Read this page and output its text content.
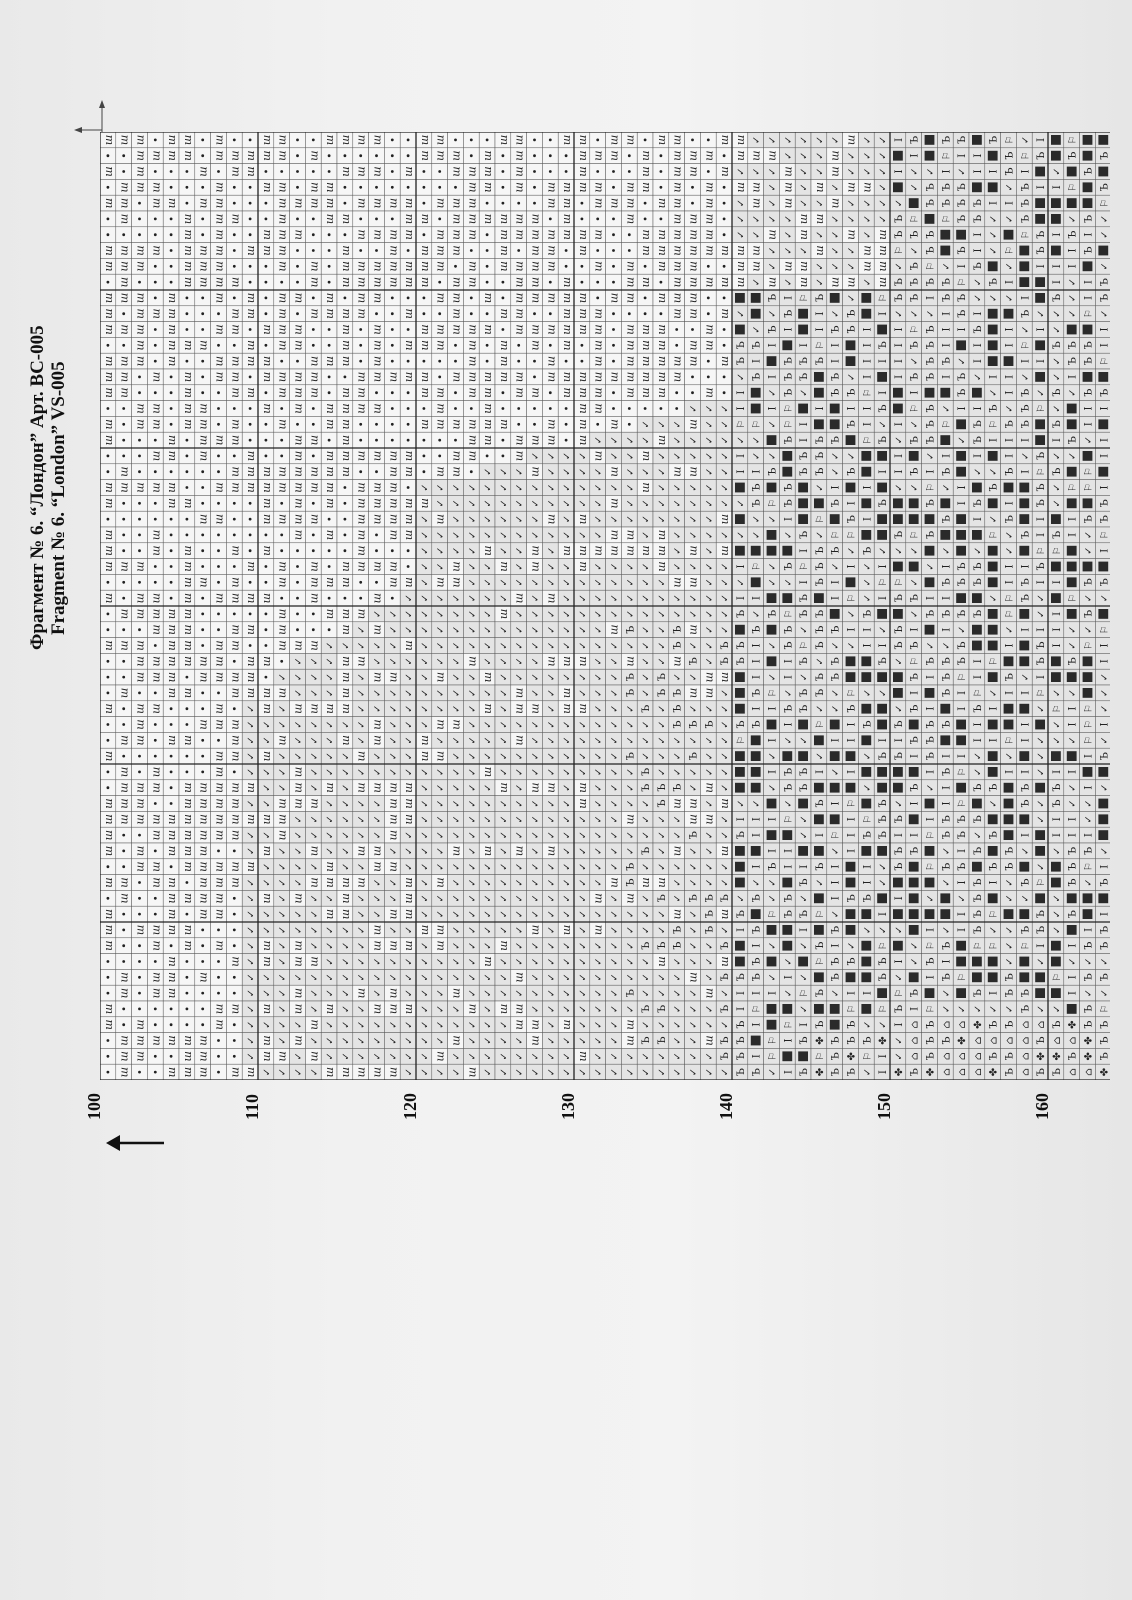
Фрагмент № 6. “Лондон” Арт. ВС-005 Fragment № 6. “London” VS-005
100	110	120	130	140	150	160
ш
ш
ш
ш
ш
ш
ш
ш
ш
ш
ш
ш
ш
ш
ш
ш
ш
ш
ш
ш
ш
ш
ш
ш
ш
ш
ш
ш
ш
ш
ш
ш
ш
ш
ш
ш
ш
ш
ш
ш
ш
ш
ш
ш
ш
ш
ш
ш
ш
ш
ш
ш
ш
ш
ш
ш
ш
ш
ш
ш
ш
ш
ш
ш
ш
ш
ш
ш
ш
ш
ш
ш
ш
ш
ш
ш
ш
ш
ш
ш
ш
ш
ш
ш
ш
ш
ш
ш
ш
ш
ш
ш
ш
ш
ш
ш
ш
ш
ш
ш
ш
ш
ш
ш
ш
ш
ш
ш
ш
ш
ш
ш
ш
ш
ш
ш
ш
ш
ш
ш
ш
ш
ш
ш
ш
ш
ш
ш
ш
ш
ш
ш
ш
ш
ш
ш
ш
ш
ш
ш
ш
ш
ш
ш
ш
ш
ш
ш
ш
ш
ш
ш
ш
ш
ш
ш
ш
ш
ш
ш
ш
ш
ш
ш
ш
ш
ш
ш
ш
ш
ш
ш
ш
ш
ш
ш
ш
ш
ш
ш
ш
ш
ш
ш
ш
ш
ш
ш
ш
ш
ш
ш
ш
ш
ш
ш
ш
ш
ш
ш
ш
ш
ш
ш
ш
ш
ш
ш
ш
ш
ш
ш
ш
ш
ш
ш
ш
ш
ш
ш
ш
ш
ш
ш
ш
ш
ш
ш
ш
ш
ш
ш
ш
ш
ш
ш
ш
ш
ш
ш
ш
ш
ш
ш
ш
ш
ш
ш
ш
ш
ш
ш
ш
ш
ш
ш
ш
ш
ш
ш
ш
ш
ш
ш
ш
ш
ш
ш
ш
ш
ш
ш
ш
ш
ш
ш
ш
ш
ш
ш
ш
ш
ш
ш
ш
ш
ш
ш
ш
ш
ш
ш
ш
ш
ш
ш
ш
ш
ш
ш
ш
✓
✓
✓
✓
✓
ш
✓
ш
✓
✓
ш
✓
✓
✓
✓
✓
✓
✓
✓
✓
✓
✓
✓
ш
ш
ш
ш
ш
ш
ш
ш
ш
ш
ш
ш
ш
ш
ш
ш
ш
ш
ш
✓
✓
ш
✓
✓
✓
ш
✓
ш
✓
✓
ш
✓
✓
ш
ш
✓
✓
ш
✓
ш
ш
✓
ш
ш
ш
ш
ш
ш
ш
ш
ш
ш
ш
ш
ш
ш
ш
ш
ш
ш
ш
ш
ш
ш
ш
✓
ш
✓
✓
ш
✓
✓
✓
ш
ш
ш
✓
✓
✓
✓
✓
✓
✓
✓
✓
✓
✓
✓
✓
ш
✓
ш
ш
ш
ш
ш
ш
ш
ш
ш
ш
ш
ш
ш
ш
ш
ш
✓
✓
✓
ш
✓
✓
✓
ш
ш
ш
✓
✓
✓
✓
✓
ш
✓
✓
ш
ш
✓
ш
ш
✓
ш
✓
✓
ш
ш
ш
ш
ш
ш
ш
ш
ш
ш
ш
ш
ш
ш
ш
ш
ш
✓
✓
✓
ш
✓
✓
✓
✓
✓
ш
✓
✓
ш
✓
ш
✓
✓
✓
✓
ш
✓
✓
✓
ш
✓
ш
✓
ш
ш
ш
ш
ш
ш
ш
ш
ш
ш
ш
ш
ш
ш
ш
ш
✓
✓
✓
✓
ш
✓
✓
✓
✓
ш
✓
✓
✓
✓
ш
ш
✓
ш
✓
✓
✓
✓
✓
ш
✓
✓
✓
ш
ш
ш
ш
ш
ш
ш
ш
ш
ш
ш
ш
ш
ш
ш
ш
ш
ш
ш
ш
ш
✓
ш
ш
ш
ш
✓
ш
✓
✓
✓
✓
✓
✓
✓
✓
ш
ш
ш
✓
✓
✓
✓
✓
✓
✓
✓
✓
ш
ш
ш
ш
ш
ш
ш
ш
ш
ш
ш
ш
ш
ш
ш
ш
ш
ш
ш
ш
✓
✓
ш
✓
✓
✓
✓
✓
ш
✓
ш
✓
✓
✓
ш
✓
ш
✓
✓
✓
✓
✓
✓
ш
✓
✓
✓
✓
ш
ш
ш
ш
ш
ш
ш
ш
ш
ш
ш
ш
ш
ш
ш
ш
ш
ш
ш
✓
ш
✓
✓
ш
✓
✓
ш
ш
✓
✓
ш
✓
✓
✓
ш
ш
✓
✓
✓
ш
ш
✓
✓
✓
ш
✓
✓
✓
ш
ш
ш
ш
ш
ш
ш
ш
ш
ш
ш
ш
ш
ш
ш
✓
✓
✓
✓
ш
✓
✓
✓
✓
✓
✓
ш
ш
ш
ш
✓
ш
✓
✓
ш
✓
ш
✓
✓
ш
ш
✓
✓
✓
ш
ш
ш
ш
ш
ш
ш
ш
ш
ш
ш
ш
ш
ш
ш
ш
✓
✓
✓
ш
✓
✓
✓
✓
✓
✓
✓
✓
ш
ш
ш
✓
✓
✓
ш
ш
ш
✓
ш
✓
✓
✓
ш
✓
✓
✓
✓
ш
ш
ш
ш
ш
ш
ш
ш
ш
ш
ш
✓
ш
✓
✓
✓
✓
✓
✓
✓
✓
✓
✓
✓
✓
✓
✓
ш
ш
✓
✓
✓
✓
✓
✓
✓
✓
✓
✓
ш
✓
✓
✓
✓
✓
✓
✓
✓
✓
ш
ш
ш
ш
ш
ш
ш
ш
ш
ш
ш
ш
ш
✓
✓
ш
✓
✓
✓
ш
✓
✓
✓
✓
✓
ш
✓
✓
ш
✓
ш
✓
✓
✓
✓
✓
✓
✓
ш
✓
✓
ш
ш
✓
✓
✓
✓
✓
✓
ш
✓
ш
ш
ш
ш
ш
ш
ш
ш
ш
ш
ш
ш
ш
ш
✓
✓
✓
✓
✓
ш
ш
✓
✓
✓
✓
✓
✓
✓
✓
ш
✓
✓
✓
✓
✓
✓
✓
ш
✓
✓
✓
✓
✓
✓
✓
✓
ш
✓
✓
ш
✓
✓
ш
ш
ш
ш
ш
ш
ш
ш
ш
ш
ш
ш
ш
ш
ш
✓
✓
✓
✓
✓
✓
✓
✓
✓
✓
✓
ш
✓
✓
✓
✓
✓
✓
✓
✓
✓
✓
✓
✓
✓
✓
✓
✓
✓
✓
✓
✓
✓
ш
✓
✓
✓
ш
ш
ш
ш
ш
ш
ш
ш
ш
ш
ш
ш
✓
✓
✓
✓
✓
ш
✓
✓
✓
✓
✓
✓
✓
ш
✓
ш
✓
✓
✓
ш
✓
✓
✓
✓
ш
✓
✓
✓
✓
✓
✓
ш
✓
✓
✓
✓
✓
✓
✓
ш
ш
ш
ш
ш
ш
ш
ш
ш
ш
✓
✓
✓
✓
✓
✓
ш
✓
✓
ш
✓
✓
✓
✓
✓
✓
✓
✓
✓
✓
ш
✓
✓
✓
✓
✓
✓
✓
✓
✓
ш
✓
✓
✓
ш
✓
✓
✓
✓
ш
ш
ш
ш
ш
ш
ш
ш
ш
ш
ш
ш
ш
ш
ш
✓
✓
✓
✓
✓
✓
✓
✓
ш
✓
✓
✓
✓
✓
ш
ш
✓
ш
✓
✓
✓
✓
✓
✓
ш
✓
✓
✓
✓
✓
✓
✓
ш
✓
ш
ш
✓
✓
✓
ш
ш
ш
ш
ш
ш
ш
ш
ш
ш
✓
ш
✓
✓
✓
✓
ш
ш
✓
✓
✓
✓
✓
✓
✓
✓
ш
✓
✓
✓
✓
ш
✓
✓
✓
✓
✓
✓
✓
✓
ш
✓
✓
✓
✓
✓
ш
ш
✓
✓
ш
ш
ш
ш
ш
ш
ш
ш
ш
ш
ш
✓
✓
✓
✓
ш
✓
✓
✓
✓
ш
✓
✓
✓
ш
✓
✓
✓
✓
✓
✓
✓
ш
✓
✓
✓
ш
✓
✓
✓
✓
✓
✓
✓
✓
✓
✓
✓
✓
✓
✓
ш
ш
ш
ш
ш
ш
ш
ш
ш
ш
ш
ш
✓
✓
✓
✓
✓
✓
ш
✓
✓
✓
✓
✓
✓
ш
✓
ш
ш
✓
✓
✓
✓
✓
✓
✓
✓
✓
✓
✓
✓
✓
ш
✓
✓
✓
✓
✓
ш
✓
✓
✓
ш
ш
ш
ш
ш
ш
ш
ш
ш
ш
ш
ш
ш
ш
✓
✓
✓
✓
ш
✓
ш
ш
✓
✓
✓
✓
✓
ш
✓
✓
ш
✓
✓
✓
✓
ш
ш
✓
✓
✓
✓
✓
✓
✓
✓
✓
✓
✓
✓
✓
✓
✓
ш
✓
ш
ш
ш
ш
ш
ш
ш
ш
ш
ш
ш
ш
✓
ш
✓
✓
✓
✓
✓
ш
✓
✓
✓
✓
✓
✓
✓
✓
✓
✓
✓
✓
✓
✓
✓
✓
✓
✓
✓
✓
✓
ш
✓
ш
✓
✓
✓
✓
✓
✓
✓
✓
✓
ш
ш
ш
ш
ш
ш
✓
✓
ш
✓
ш
✓
ш
ш
✓
✓
✓
✓
ш
✓
✓
✓
✓
✓
✓
✓
✓
✓
✓
✓
✓
✓
✓
✓
ш
✓
✓
✓
✓
✓
✓
✓
✓
✓
✓
✓
✓
ш
ш
ш
ш
ш
ш
ш
ш
ш
ш
ш
ш
✓
✓
✓
✓
✓
✓
ш
ш
✓
✓
✓
✓
Ъ
✓
ш
Ъ
Ъ
✓
✓
✓
Ъ
✓
✓
✓
ш
✓
✓
Ъ
Ъ
ш
✓
✓
✓
✓
✓
Ъ
✓
ш
ш
✓
✓
ш
ш
ш
ш
ш
ш
ш
ш
ш
ш
ш
✓
✓
ш
✓
ш
✓
✓
✓
ш
✓
✓
✓
✓
✓
✓
✓
✓
✓
Ъ
✓
✓
✓
Ъ
Ъ
✓
✓
✓
Ъ
✓
ш
✓
✓
✓
Ъ
✓
✓
✓
Ъ
✓
Ъ
✓
✓
ш
ш
ш
ш
ш
ш
ш
ш
ш
ш
ш
✓
ш
✓
✓
✓
✓
✓
ш
ш
ш
✓
✓
✓
✓
✓
✓
Ъ
Ъ
✓
✓
✓
✓
✓
Ъ
Ъ
✓
✓
✓
✓
ш
Ъ
✓
✓
Ъ
ш
✓
✓
Ъ
✓
Ъ
✓
✓
ш
ш
ш
ш
ш
ш
ш
ш
ш
ш
ш
ш
ш
ш
✓
✓
✓
ш
✓
✓
✓
✓
✓
✓
ш
✓
✓
Ъ
Ъ
ш
✓
Ъ
Ъ
Ъ
✓
✓
✓
Ъ
ш
✓
✓
ш
✓
✓
✓
ш
Ъ
Ъ
✓
✓
✓
✓
✓
✓
✓
✓
ш
ш
ш
ш
ш
ш
ш
ш
ш
ш
ш
✓
ш
✓
✓
ш
✓
✓
✓
✓
ш
✓
ш
✓
✓
ш
✓
Ъ
✓
ш
✓
Ъ
✓
Ъ
✓
✓
ш
ш
Ъ
✓
✓
✓
Ъ
✓
✓
✓
✓
ш
✓
✓
✓
✓
✓
✓
ш
ш
ш
ш
ш
ш
ш
ш
ш
ш
✓
✓
✓
✓
✓
✓
✓
✓
✓
✓
✓
✓
✓
✓
✓
✓
✓
ш
ш
✓
Ъ
✓
✓
✓
ш
✓
ш
✓
✓
✓
✓
Ъ
Ъ
Ъ
✓
✓
✓
ш
✓
✓
ш
✓
✓
ш
ш
ш
ш
ш
ш
✓
✓
✓
✓
✓
✓
✓
ш
✓
ш
✓
✓
✓
✓
✓
Ъ
Ъ
ш
✓
✓
✓
✓
✓
✓
✓
ш
✓
✓
ш
✓
✓
Ъ
ш
✓
Ъ
ш
Ъ
✓
Ъ
✓
Ъ
Ъ
✓
ш
ш
✓
ш
✓
✓
✓
ш
ш
ш
✓
Ъ
Ъ
✓
I
I
⚐
✓
I
I
✓
✓
I
✓
I
Ъ
Ъ
Ъ
Ъ
⚐
✓
I
Ъ
✓
Ъ
I
Ъ
I
I
Ъ
Ъ
Ъ
Ъ
✓
ш
✓
ш
ш
✓
✓
ш
ш
✓
✓
Ъ
I
Ъ
⚐
✓
✓
I
Ъ
Ъ
✓
✓
⚐
I
✓
Ъ
I
I
I
Ъ
I
Ъ
✓
I
I
I
✓
Ъ
Ъ
I
Ъ
Ъ
I
⚐
I
I
Ъ
✓
ш
✓
✓
✓
✓
ш
✓
✓
ш
Ъ
✓
Ъ
I
I
✓
I
✓
✓
Ъ
⚐
✓
✓
✓
Ъ
✓
✓
⚐
I
I
✓
I
✓
I
I
Ъ
✓
✓
⚐
✓
✓
I
⚐
⚐
✓
✓
✓
ш
ш
ш
✓
✓
✓
ш
✓
I
Ъ
I
Ъ
Ъ
Ъ
⚐
⚐
Ъ
Ъ
Ъ
I
✓
Ъ
✓
⚐
Ъ
Ъ
I
I
✓
Ъ
I
✓
Ъ
Ъ
✓
⚐
I
I
Ъ
Ъ
✓
I
✓
⚐
I
I
✓
✓
✓
✓
✓
ш
ш
✓
ш
ш
⚐
I
Ъ
Ъ
✓
I
I
Ъ
Ъ
Ъ
I
⚐
I
Ъ
Ъ
✓
⚐
Ъ
✓
Ъ
Ъ
✓
Ъ
Ъ
✓
✓
I
Ъ
✓
Ъ
I
✓
✓
⚐
✓
I
Ъ
Ъ
✓
✓
✓
ш
✓
ш
✓
ш
✓
✓
Ъ
I
I
⚐
Ъ
I
Ъ
Ъ
Ъ
✓
⚐
✓
Ъ
Ъ
Ъ
Ъ
Ъ
Ъ
✓
Ъ
Ъ
✓
⚐
✓
I
Ъ
I
Ъ
✓
⚐
Ъ
⚐
Ъ
Ъ
✤
⚐
✤
✓
ш
ш
✓
ш
✓
✓
✓
✓
ш
✓
Ъ
I
I
Ъ
Ъ
Ъ
✓
✓
I
Ъ
⚐
Ъ
✓
I
I
Ъ
✓
Ъ
Ъ
✓
✓
I
✓
I
⚐
✓
I
I
I
✓
Ъ
I
Ъ
Ъ
✓
Ъ
Ъ
Ъ
ш
✓
✓
ш
✓
✓
ш
✓
✓
ш
✓
Ъ
Ъ
✓
Ъ
I
Ъ
✓
Ъ
I
Ъ
⚐
✓
I
⚐
✓
I
✓
⚐
Ъ
I
I
I
⚐
I
I
I
Ъ
✓
Ъ
I
⚐
Ъ
Ъ
✤
Ъ
✓
✓
✓
ш
✓
✓
✓
ш
ш
✓
I
I
I
I
⚐
I
I
⚐
I
I
Ъ
✓
✓
✓
Ъ
I
I
✓
Ъ
✓
✓
⚐
Ъ
I
I
Ъ
✓
I
✓
Ъ
⚐
✓
✓
✓
✓
✓
✓
✓
ш
ш
ш
ш
⚐
I
Ъ
I
I
Ъ
✓
Ъ
I
Ъ
✓
I
⚐
I
✓
I
Ъ
✓
I
Ъ
Ъ
Ъ
Ъ
✓
✓
I
✓
⚐
Ъ
Ъ
⚐
✓
✤
I
I
I
I
✓
Ъ
Ъ
⚐
✓
Ъ
Ъ
✓
I
I
I
I
I
✓
I
I
✓
Ъ
✓
⚐
Ъ
Ъ
Ъ
✓
✓
Ъ
I
Ъ
✓
Ъ
I
Ъ
Ъ
I
✓
I
✓
⚐
Ъ
I
✓
✓
✤
Ъ
I
✓
✓
⚐
Ъ
✓
Ъ
Ъ
Ъ
✓
⚐
Ъ
✓
Ъ
I
⚐
✓
Ъ
Ъ
✓
⚐
✓
✓
Ъ
✓
I
Ъ
⚐
Ъ
I
Ъ
Ъ
I
Ъ
I
I
Ъ
✓
✓
Ъ
I
⌂
⌂
⌂
Ъ
✓
Ъ
Ъ
Ъ
Ъ
⚐
Ъ
I
✓
Ъ
Ъ
Ъ
Ъ
Ъ
Ъ
Ъ
✓
I
⚐
Ъ
Ъ
✓
I
Ъ
✓
Ъ
I
I
Ъ
Ъ
Ъ
I
✓
I
⚐
⚐
✓
I
⚐
Ъ
I
⚐
Ъ
Ъ
Ъ
✤
Ъ
⚐
I
Ъ
Ъ
⚐
✓
Ъ
Ъ
I
I
I
Ъ
I
✓
⚐
I
Ъ
✓
Ъ
✓
I
Ъ
I
Ъ
I
✓
Ъ
Ъ
Ъ
Ъ
I
Ъ
I
I
Ъ
Ъ
✓
Ъ
✓
✓
Ъ
I
Ъ
✓
✓
⌂
Ъ
⌂
⌂
Ъ
I
✓
Ъ
Ъ
Ъ
Ъ
I
⚐
Ъ
Ъ
I
✓
Ъ
Ъ
I
✓
I
I
Ъ
Ъ
Ъ
✓
Ъ
Ъ
⚐
I
I
I
⚐
⚐
Ъ
Ъ
I
Ъ
I
✓
I
I
⚐
✓
⌂
✤
⌂
⌂
I
I
Ъ
Ъ
I
I
Ъ
✓
✓
I
Ъ
I
I
✓
I
Ъ
Ъ
I
✓
Ъ
I
✓
Ъ
Ъ
Ъ
I
I
⚐
Ъ
I
I
✓
✓
Ъ
Ъ
✓
Ъ
Ъ
Ъ
Ъ
Ъ
⚐
Ъ
✓
✤
⌂
⌂
⌂
Ъ
I
I
✓
✓
✓
Ъ
✓
I
✓
Ъ
⚐
I
✓
Ъ
✓
⚐
✓
⚐
✓
I
I
Ъ
✓
Ъ
Ъ
I
⚐
✓
⚐
I
✓
Ъ
⌂
Ъ
✤
⚐
Ъ
Ъ
✓
I
✓
⚐
✓
I
✓
I
I
I
I
✓
Ъ
I
I
Ъ
I
Ъ
✓
✓
I
I
⚐
⚐
✓
I
Ъ
I
⚐
✓
I
Ъ
Ъ
✓
✓
✓
✓
✓
Ъ
Ъ
✓
Ъ
⌂
Ъ
Ъ
✓
⚐
I
Ъ
Ъ
Ъ
⚐
I
Ъ
✓
⚐
I
✓
Ъ
Ъ
Ъ
I
✓
I
Ъ
I
Ъ
Ъ
I
✓
I
I
I
I
Ъ
Ъ
I
✓
Ъ
✓
Ъ
⚐
Ъ
Ъ
⌂
⌂
⌂
⌂
I
Ъ
I
Ъ
Ъ
I
✓
I
I
✓
⚐
Ъ
⚐
Ъ
Ъ
I
I
⚐
Ъ
I
✓
✓
I
Ъ
Ъ
I
⚐
✓
✓
✓
✓
✓
✓
✓
⚐
Ъ
Ъ
I
✓
✓
⌂
Ъ
✤
Ъ
✓
I
I
I
I
Ъ
✓
✓
Ъ
✓
✓
Ъ
✓
Ъ
I
✓
Ъ
✓
✓
Ъ
⚐
I
I
I
I
✓
⚐
✓
✓
I
Ъ
Ъ
I
I
✓
✓
✓
✓
⚐
✓
Ъ
⌂
✤
Ъ
⚐
Ъ
⚐
✓
Ъ
I
I
✓
✓
✓
Ъ
Ъ
I
✓
Ъ
✓
⚐
I
I
⚐
✓
✓
Ъ
✓
I
I
✓
I
✓
✓
I
I
Ъ
Ъ
Ъ
Ъ
I
✓
I
I
✤
⌂
Ъ
⌂
Ъ
Ъ
I
Ъ
I
I
⚐
Ъ
Ъ
Ъ
I
I
✓
⚐
⚐
Ъ
✓
✓
Ъ
✓
Ъ
✓
⚐
⚐
⚐
⚐
I
I
✓
✓
I
Ъ
⚐
✓
I
Ъ
✓
Ъ
✓
Ъ
Ъ
✤
✤
⌂
Ъ
Ъ
⚐
✓
✓
✓
Ъ
Ъ
✓
I
I
⚐
Ъ
I
I
I
I
Ъ
Ъ
⚐
I
Ъ
✓
⚐
I
I
✓
✓
✓
I
✓
Ъ
✓
✓
I
Ъ
I
Ъ
Ъ
✓
Ъ
✓
⚐
Ъ
Ъ
Ъ
✤
